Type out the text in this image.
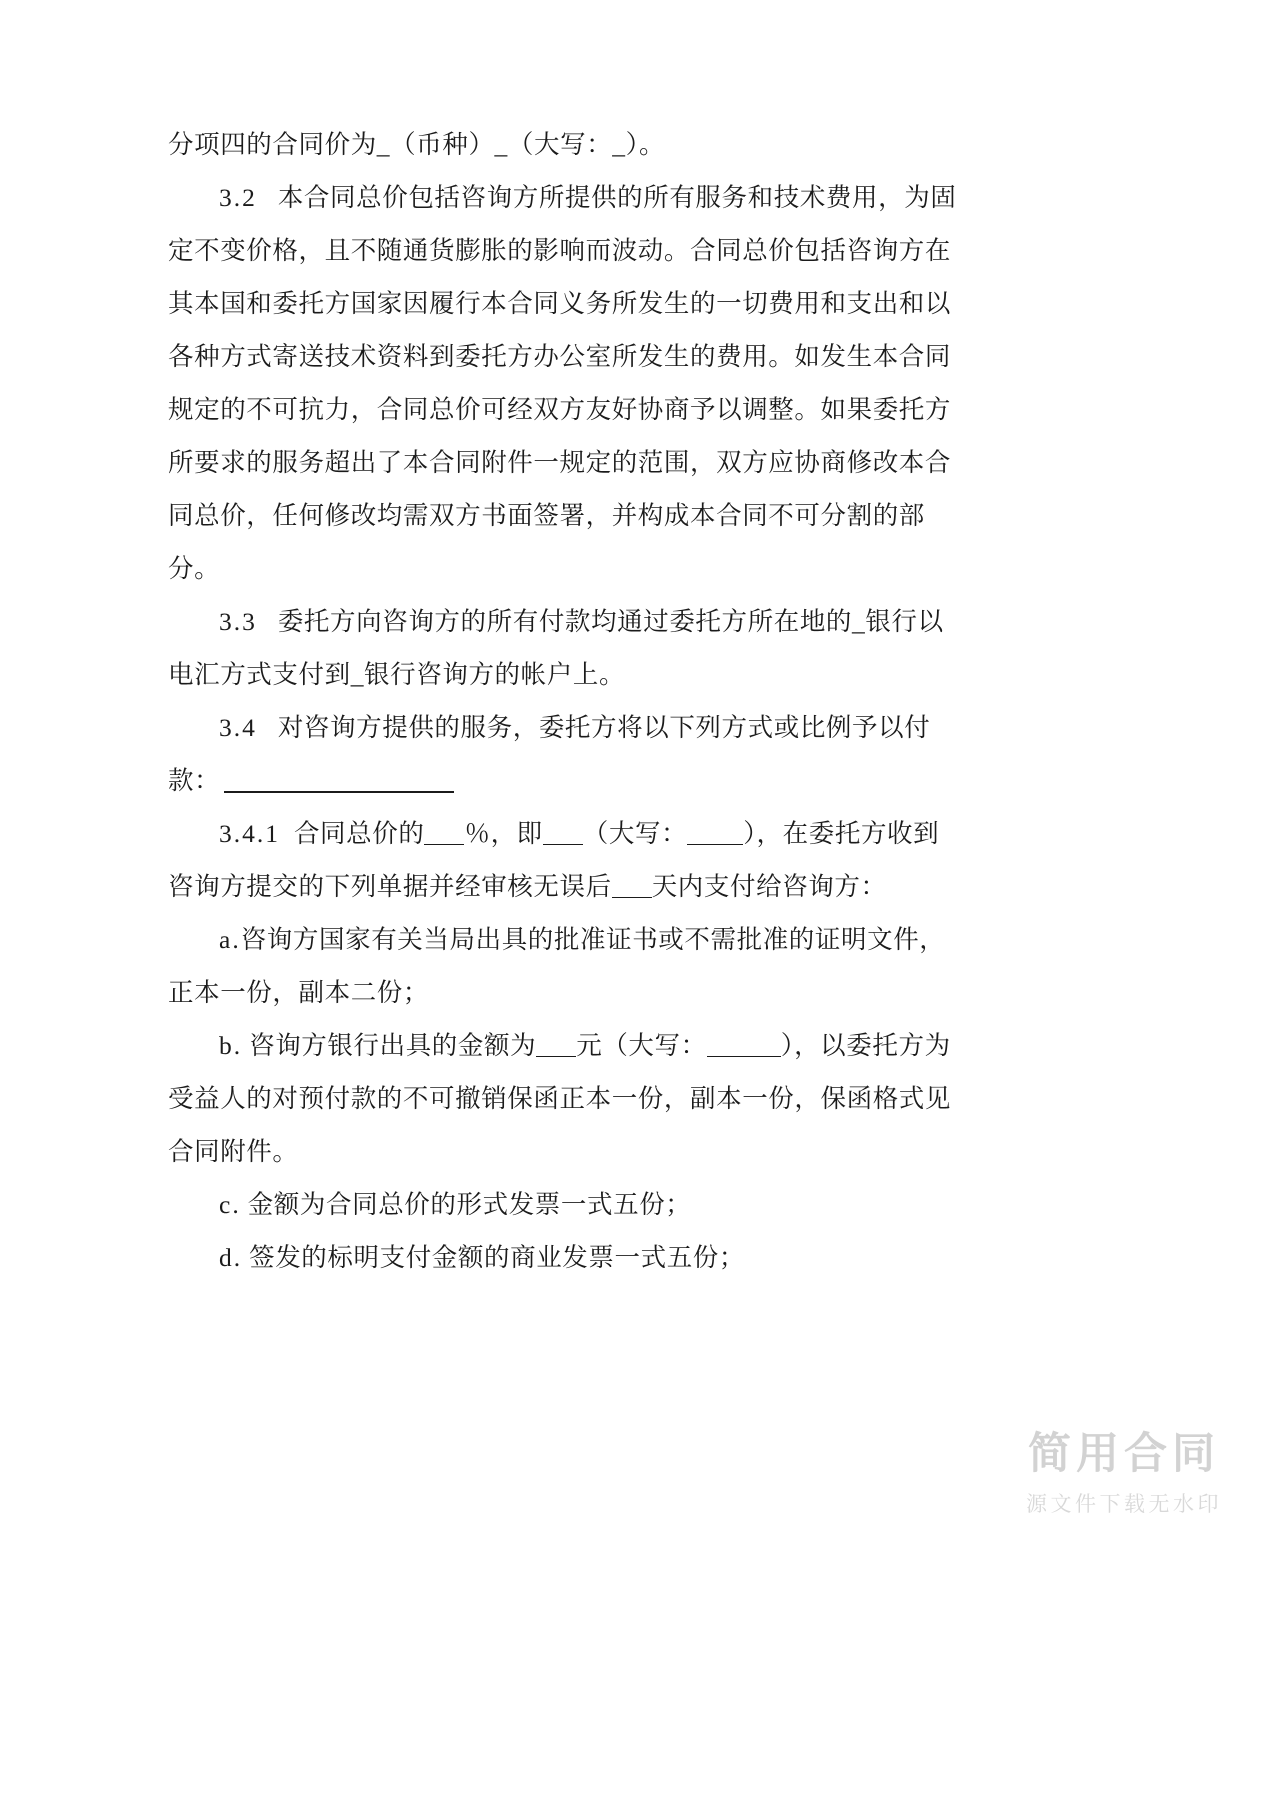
分项四的合同价为_（币种）_（大写：_）。
3.2 本合同总价包括咨询方所提供的所有服务和技术费用，为固定不变价格，且不随通货膨胀的影响而波动。合同总价包括咨询方在其本国和委托方国家因履行本合同义务所发生的一切费用和支出和以各种方式寄送技术资料到委托方办公室所发生的费用。如发生本合同规定的不可抗力，合同总价可经双方友好协商予以调整。如果委托方所要求的服务超出了本合同附件一规定的范围，双方应协商修改本合同总价，任何修改均需双方书面签署，并构成本合同不可分割的部分。
3.3 委托方向咨询方的所有付款均通过委托方所在地的_银行以电汇方式支付到_银行咨询方的帐户上。
3.4 对咨询方提供的服务，委托方将以下列方式或比例予以付款：
3.4.1 合同总价的 ％，即 （大写： ），在委托方收到咨询方提交的下列单据并经审核无误后 天内支付给咨询方：
a.咨询方国家有关当局出具的批准证书或不需批准的证明文件，正本一份，副本二份；
b. 咨询方银行出具的金额为 元（大写：	），以委托方为受益人的对预付款的不可撤销保函正本一份，副本一份，保函格式见合同附件。
c. 金额为合同总价的形式发票一式五份；
d. 签发的标明支付金额的商业发票一式五份；
简用合同
源文件下载无水印
